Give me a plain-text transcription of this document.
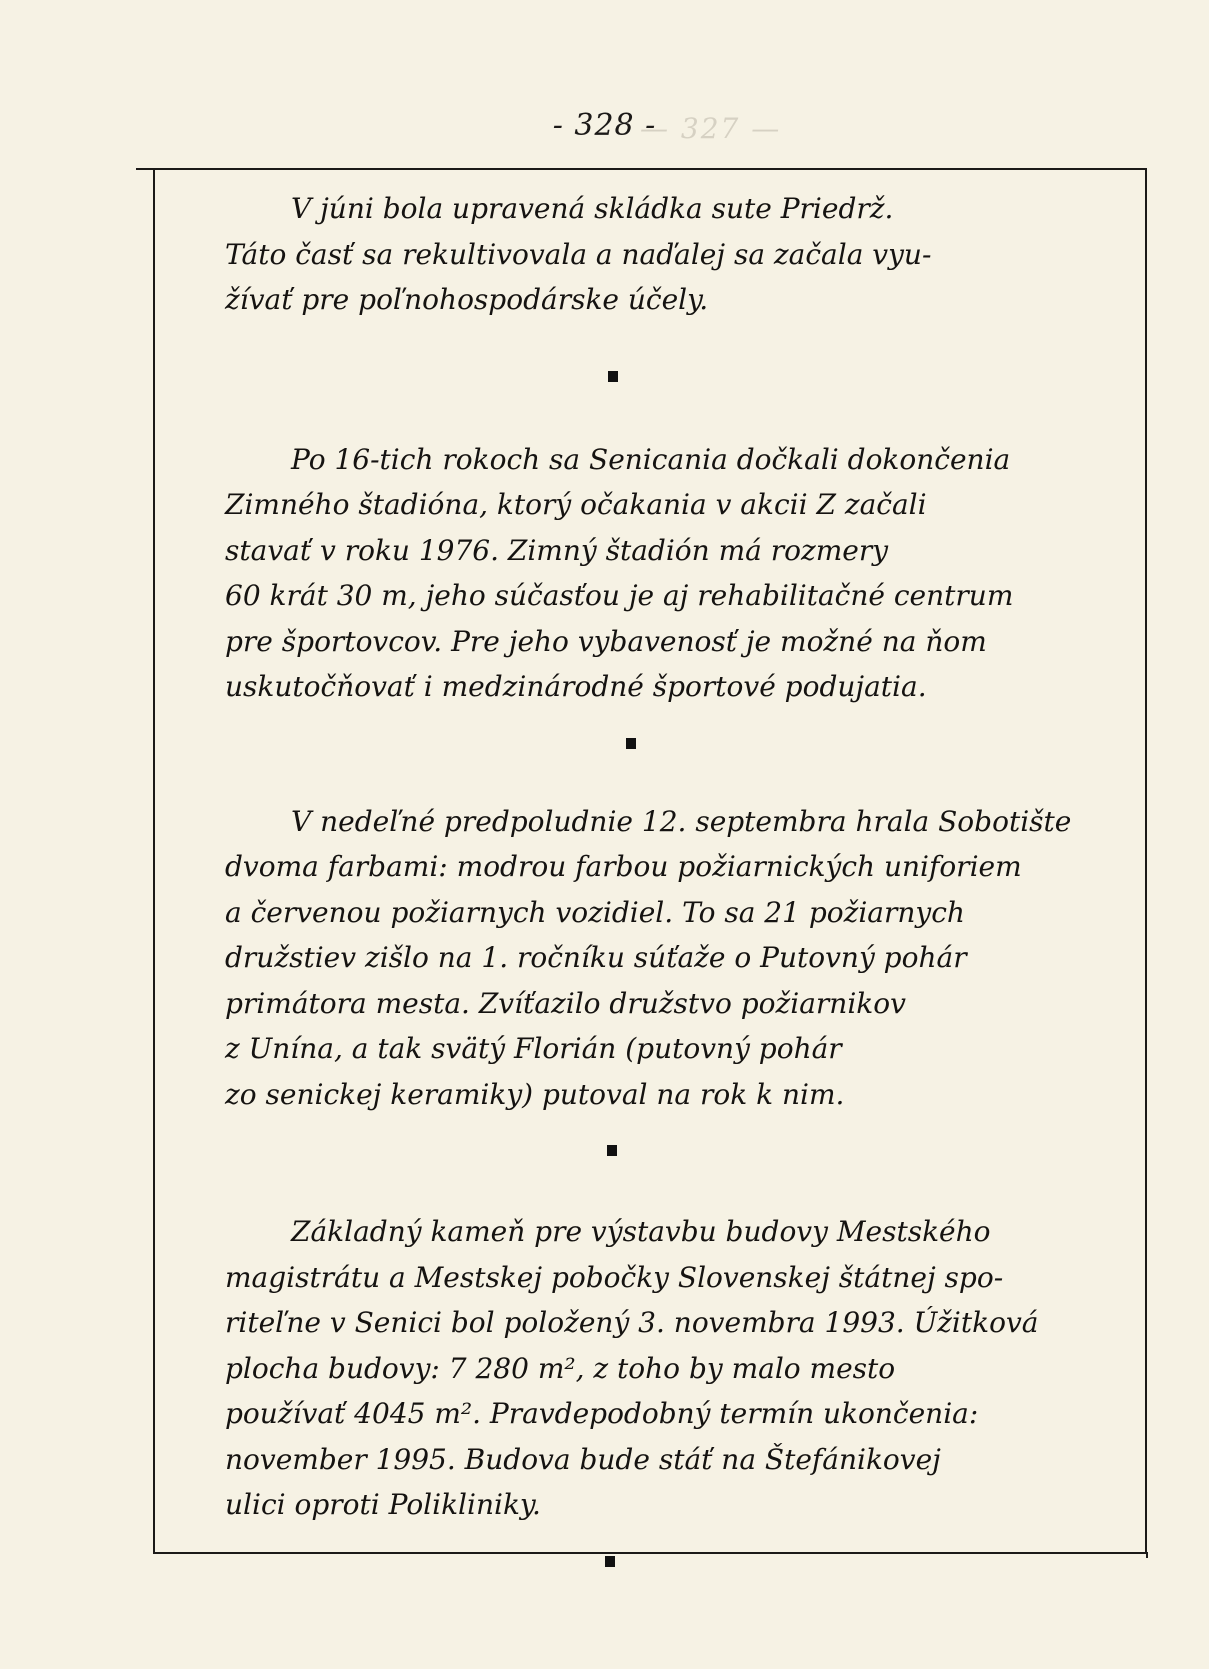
— 327 —
- 328 -
V júni bola upravená skládka sute Priedrž.
Táto časť sa rekultivovala a naďalej sa začala vyu-
žívať pre poľnohospodárske účely.
Po 16-tich rokoch sa Senicania dočkali dokončenia
Zimného štadióna, ktorý očakania v akcii Z začali
stavať v roku 1976. Zimný štadión má rozmery
60 krát 30 m, jeho súčasťou je aj rehabilitačné centrum
pre športovcov. Pre jeho vybavenosť je možné na ňom
uskutočňovať i medzinárodné športové podujatia.
V nedeľné predpoludnie 12. septembra hrala Sobotište
dvoma farbami: modrou farbou požiarnických uniforiem
a červenou požiarnych vozidiel. To sa 21 požiarnych
družstiev zišlo na 1. ročníku súťaže o Putovný pohár
primátora mesta. Zvíťazilo družstvo požiarnikov
z Unína, a tak svätý Florián (putovný pohár
zo senickej keramiky) putoval na rok k nim.
Základný kameň pre výstavbu budovy Mestského
magistrátu a Mestskej pobočky Slovenskej štátnej spo-
riteľne v Senici bol položený 3. novembra 1993. Úžitková
plocha budovy: 7 280 m², z toho by malo mesto
používať 4045 m². Pravdepodobný termín ukončenia:
november 1995. Budova bude stáť na Štefánikovej
ulici oproti Polikliniky.
